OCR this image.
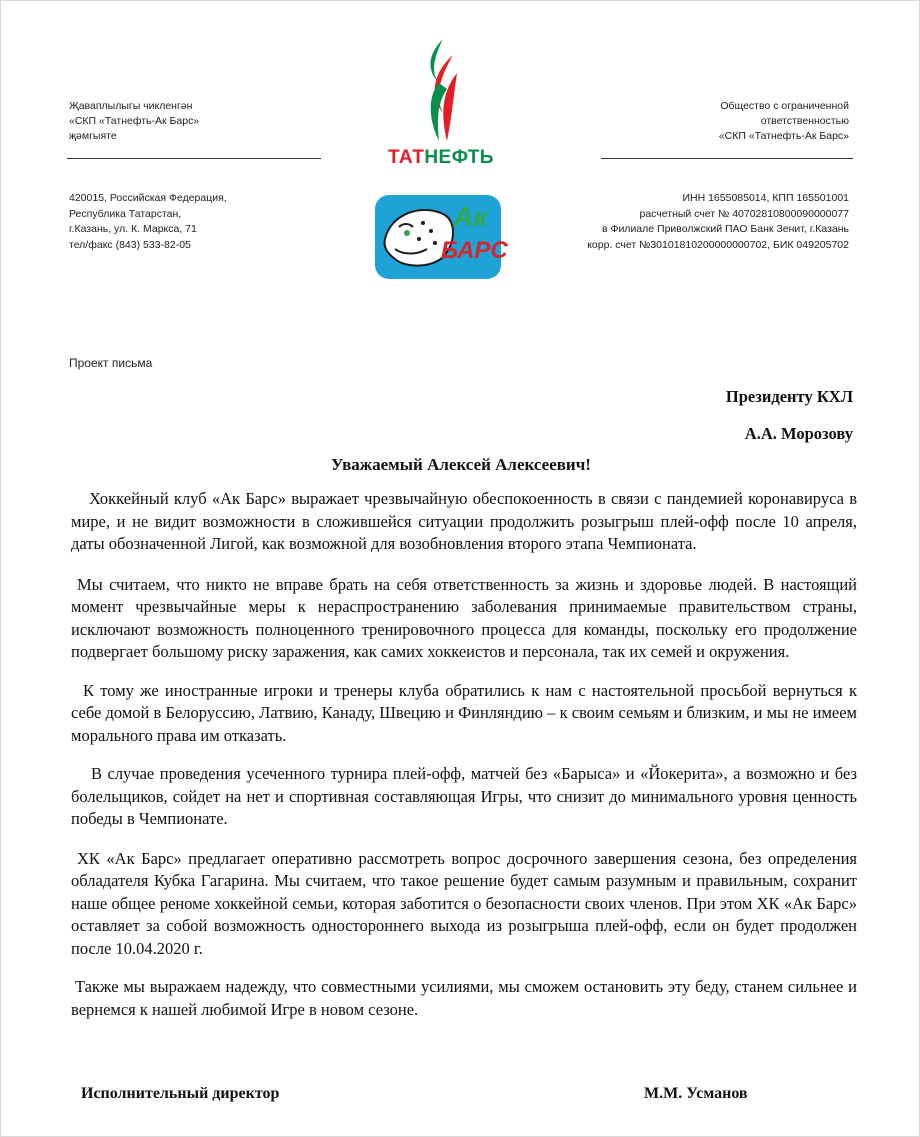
Җаваплылыгы чикленгән
«СКП «Татнефть-Ак Барс»
җәмгыяте
Общество с ограниченной
ответственностью
«СКП «Татнефть-Ак Барс»
ТАТНЕФТЬ
Ак
БАРС
420015, Российская Федерация,
Республика Татарстан,
г.Казань, ул. К. Маркса, 71
тел/факс (843) 533-82-05
ИНН 1655085014, КПП 165501001
расчетный счет № 40702810800090000077
в Филиале Приволжский ПАО Банк Зенит, г.Казань
корр. счет №30101810200000000702, БИК 049205702
Проект письма
Президенту КХЛ
А.А. Морозову
Уважаемый Алексей Алексеевич!

Хоккейный клуб «Ак Барс» выражает чрезвычайную обеспокоенность в связи с пандемией коронавируса в мире, и не видит возможности в сложившейся ситуации продолжить розыгрыш плей-офф после 10 апреля, даты обозначенной Лигой, как возможной для возобновления второго этапа Чемпионата.

Мы считаем, что никто не вправе брать на себя ответственность за жизнь и здоровье людей. В настоящий момент чрезвычайные меры к нераспространению заболевания принимаемые правительством страны, исключают возможность полноценного тренировочного процесса для команды, поскольку его продолжение подвергает большому риску заражения, как самих хоккеистов и персонала, так их семей и окружения.

К тому же иностранные игроки и тренеры клуба обратились к нам с настоятельной просьбой вернуться к себе домой в Белоруссию, Латвию, Канаду, Швецию и Финляндию – к своим семьям и близким, и мы не имеем морального права им отказать.

В случае проведения усеченного турнира плей-офф, матчей без «Барыса» и «Йокерита», а возможно и без болельщиков, сойдет на нет и спортивная составляющая Игры, что снизит до минимального уровня ценность победы в Чемпионате.

ХК «Ак Барс» предлагает оперативно рассмотреть вопрос досрочного завершения сезона, без определения обладателя Кубка Гагарина. Мы считаем, что такое решение будет самым разумным и правильным, сохранит наше общее реноме хоккейной семьи, которая заботится о безопасности своих членов. При этом ХК «Ак Барс» оставляет за собой возможность одностороннего выхода из розыгрыша плей-офф, если он будет продолжен после 10.04.2020 г.

Также мы выражаем надежду, что совместными усилиями, мы сможем остановить эту беду, станем сильнее и вернемся к нашей любимой Игре в новом сезоне.

Исполнительный директор	М.М. Усманов
